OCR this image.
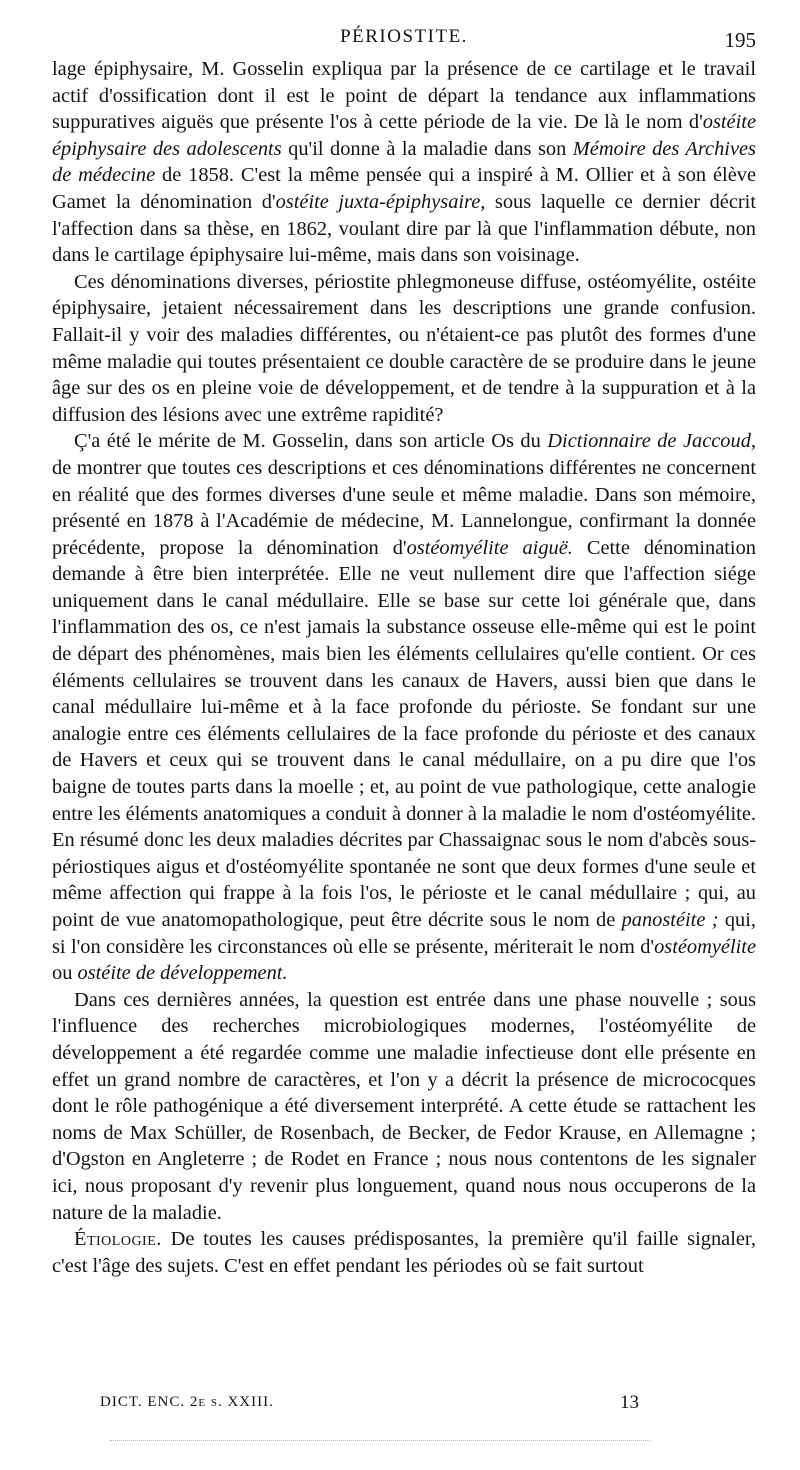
PÉRIOSTITE.	195

lage épiphysaire, M. Gosselin expliqua par la présence de ce cartilage et le travail actif d'ossification dont il est le point de départ la tendance aux inflammations suppuratives aiguës que présente l'os à cette période de la vie. De là le nom d'ostéite épiphysaire des adolescents qu'il donne à la maladie dans son Mémoire des Archives de médecine de 1858. C'est la même pensée qui a inspiré à M. Ollier et à son élève Gamet la dénomination d'ostéite juxta-épiphysaire, sous laquelle ce dernier décrit l'affection dans sa thèse, en 1862, voulant dire par là que l'inflammation débute, non dans le cartilage épiphysaire lui-même, mais dans son voisinage.

Ces dénominations diverses, périostite phlegmoneuse diffuse, ostéomyélite, ostéite épiphysaire, jetaient nécessairement dans les descriptions une grande confusion. Fallait-il y voir des maladies différentes, ou n'étaient-ce pas plutôt des formes d'une même maladie qui toutes présentaient ce double caractère de se produire dans le jeune âge sur des os en pleine voie de développement, et de tendre à la suppuration et à la diffusion des lésions avec une extrême rapidité?

Ç'a été le mérite de M. Gosselin, dans son article Os du Dictionnaire de Jaccoud, de montrer que toutes ces descriptions et ces dénominations différentes ne concernent en réalité que des formes diverses d'une seule et même maladie. Dans son mémoire, présenté en 1878 à l'Académie de médecine, M. Lannelongue, confirmant la donnée précédente, propose la dénomination d'ostéomyélite aiguë. Cette dénomination demande à être bien interprétée. Elle ne veut nullement dire que l'affection siége uniquement dans le canal médullaire. Elle se base sur cette loi générale que, dans l'inflammation des os, ce n'est jamais la substance osseuse elle-même qui est le point de départ des phénomènes, mais bien les éléments cellulaires qu'elle contient. Or ces éléments cellulaires se trouvent dans les canaux de Havers, aussi bien que dans le canal médullaire lui-même et à la face profonde du périoste. Se fondant sur une analogie entre ces éléments cellulaires de la face profonde du périoste et des canaux de Havers et ceux qui se trouvent dans le canal médullaire, on a pu dire que l'os baigne de toutes parts dans la moelle ; et, au point de vue pathologique, cette analogie entre les éléments anatomiques a conduit à donner à la maladie le nom d'ostéomyélite. En résumé donc les deux maladies décrites par Chassaignac sous le nom d'abcès sous-périostiques aigus et d'ostéomyélite spontanée ne sont que deux formes d'une seule et même affection qui frappe à la fois l'os, le périoste et le canal médullaire ; qui, au point de vue anatomopathologique, peut être décrite sous le nom de panostéite ; qui, si l'on considère les circonstances où elle se présente, mériterait le nom d'ostéomyélite ou ostéite de développement.

Dans ces dernières années, la question est entrée dans une phase nouvelle ; sous l'influence des recherches microbiologiques modernes, l'ostéomyélite de développement a été regardée comme une maladie infectieuse dont elle présente en effet un grand nombre de caractères, et l'on y a décrit la présence de micrococques dont le rôle pathogénique a été diversement interprété. A cette étude se rattachent les noms de Max Schüller, de Rosenbach, de Becker, de Fedor Krause, en Allemagne ; d'Ogston en Angleterre ; de Rodet en France ; nous nous contentons de les signaler ici, nous proposant d'y revenir plus longuement, quand nous nous occuperons de la nature de la maladie.

Étiologie. De toutes les causes prédisposantes, la première qu'il faille signaler, c'est l'âge des sujets. C'est en effet pendant les périodes où se fait surtout

DICT. ENC. 2e s. XXIII.	13
